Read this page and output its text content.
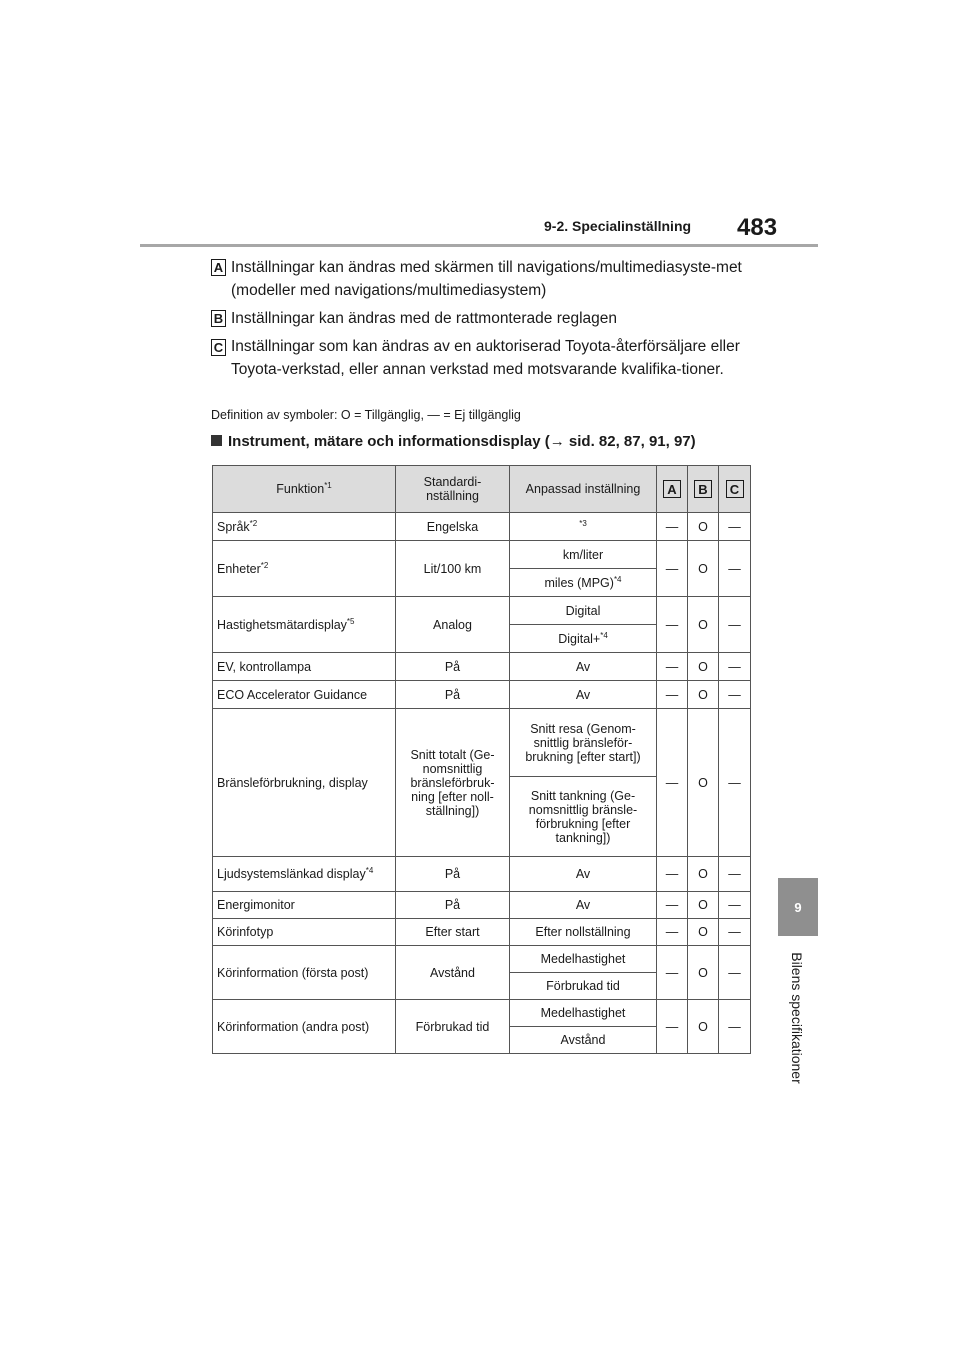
9-2. Specialinställning 483
9
Bilens specifikationer
A Inställningar kan ändras med skärmen till navigations/multimediasyste-met (modeller med navigations/multimediasystem)
B Inställningar kan ändras med de rattmonterade reglagen
C Inställningar som kan ändras av en auktoriserad Toyota-återförsäljare eller Toyota-verkstad, eller annan verkstad med motsvarande kvalifika-tioner.
Definition av symboler: O = Tillgänglig, — = Ej tillgänglig
Instrument, mätare och informationsdisplay (→ sid. 82, 87, 91, 97)
Funktion$^{*1}$	Standardi-nställning	Anpassad inställning	A	B	C
Språk$^{*2}$	Engelska	$^{*3}$	—	O	—
Enheter$^{*2}$	Lit/100 km	km/liter	—	O	—
		miles (MPG)$^{*4}$
Hastighetsmätardisplay$^{*5}$	Analog	Digital	—	O	—
		Digital+$^{*4}$
EV, kontrollampa	På	Av	—	O	—
ECO Accelerator Guidance	På	Av	—	O	—
Bränsleförbrukning, display	Snitt totalt (Ge-nomsnittlig bränsleförbruk-ning [efter noll-ställning])	Snitt resa (Genom-snittlig bränsleför-brukning [efter start])	—	O	—
		Snitt tankning (Ge-nomsnittlig bränsle-förbrukning [efter tankning])			
Ljudsystemslänkad display$^{*4}$	På	Av	—	O	—
Energimonitor	På	Av	—	O	—
Körinfotyp	Efter start	Efter nollställning	—	O	—
Körinformation (första post)	Avstånd	Medelhastighet	—	O	—
		Förbrukad tid			
Körinformation (andra post)	Förbrukad tid	Medelhastighet	—	O	—
		Avstånd			
